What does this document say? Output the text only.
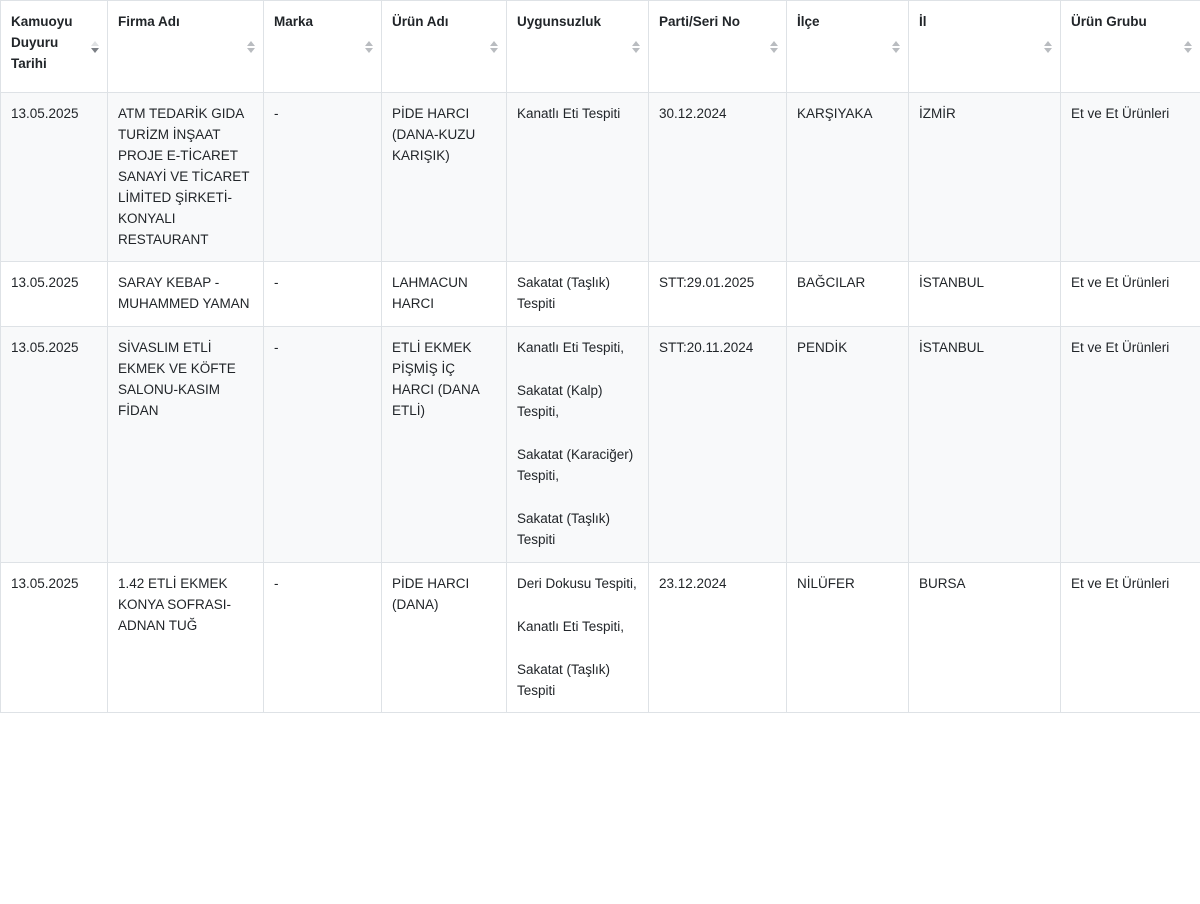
Kamuoyu Duyuru Tarihi	Firma Adı	Marka	Ürün Adı	Uygunsuzluk	Parti/Seri No	İlçe	İl	Ürün Grubu

13.05.2025	ATM TEDARİK GIDA TURİZM İNŞAAT PROJE E-TİCARET SANAYİ VE TİCARET LİMİTED ŞİRKETİ-KONYALI RESTAURANT	-	PİDE HARCI (DANA-KUZU KARIŞIK)	Kanatlı Eti Tespiti	30.12.2024	KARŞIYAKA	İZMİR	Et ve Et Ürünleri

13.05.2025	SARAY KEBAP - MUHAMMED YAMAN	-	LAHMACUN HARCI	Sakatat (Taşlık) Tespiti	STT:29.01.2025	BAĞCILAR	İSTANBUL	Et ve Et Ürünleri

13.05.2025	SİVASLIM ETLİ EKMEK VE KÖFTE SALONU-KASIM FİDAN	-	ETLİ EKMEK PİŞMİŞ İÇ HARCI (DANA ETLİ)	Kanatlı Eti Tespiti,
Sakatat (Kalp) Tespiti,
Sakatat (Karaciğer) Tespiti,
Sakatat (Taşlık) Tespiti	STT:20.11.2024	PENDİK	İSTANBUL	Et ve Et Ürünleri

13.05.2025	1.42 ETLİ EKMEK KONYA SOFRASI-ADNAN TUĞ	-	PİDE HARCI (DANA)	Deri Dokusu Tespiti,
Kanatlı Eti Tespiti,
Sakatat (Taşlık) Tespiti	23.12.2024	NİLÜFER	BURSA	Et ve Et Ürünleri
